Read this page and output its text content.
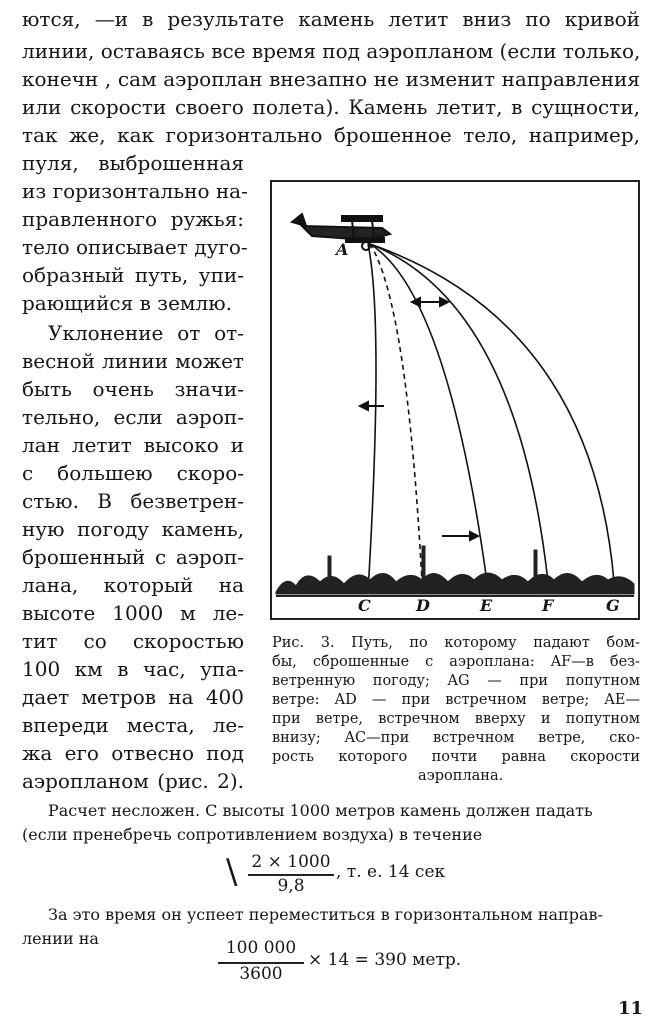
ются, —и в результате камень летит вниз по кривой
линии, оставаясь все время под аэропланом (если только,
конечн , сам аэроплан внезапно не изменит направления
или скорости своего полета). Камень летит, в сущности,
так же, как горизонтально брошенное тело, например,
пуля, выброшенная
из горизонтально на-
правленного ружья:
тело описывает дуго-
образный путь, упи-
рающийся в землю.
Уклонение от от-
весной линии может
быть очень значи-
тельно, если аэроп-
лан летит высоко и
с большею скоро-
стью. В безветрен-
ную погоду камень,
брошенный с аэроп-
лана, который на
высоте 1000 м ле-
тит со скоростью
100 км в час, упа-
дает метров на 400
впереди места, ле-
жа его отвесно под
аэропланом (рис. 2).
A
C	D	E	F	G
Рис. 3. Путь, по которому падают бом-
бы, сброшенные с аэроплана: AF—в без-
ветренную погоду; AG — при попутном
ветре: AD — при встречном ветре; AE—
при ветре, встречном вверху и попутном
внизу; AC—при встречном ветре, ско-
рость которого почти равна скорости
аэроплана.
Расчет несложен. С высоты 1000 метров камень должен падать
(если пренебречь сопротивлением воздуха) в течение
\ 2 × 1000
9,8
, т. е. 14 сек
За это время он успеет переместиться в горизонтальном направ-
лении на	100 000
3600
× 14 = 390 метр.
11
